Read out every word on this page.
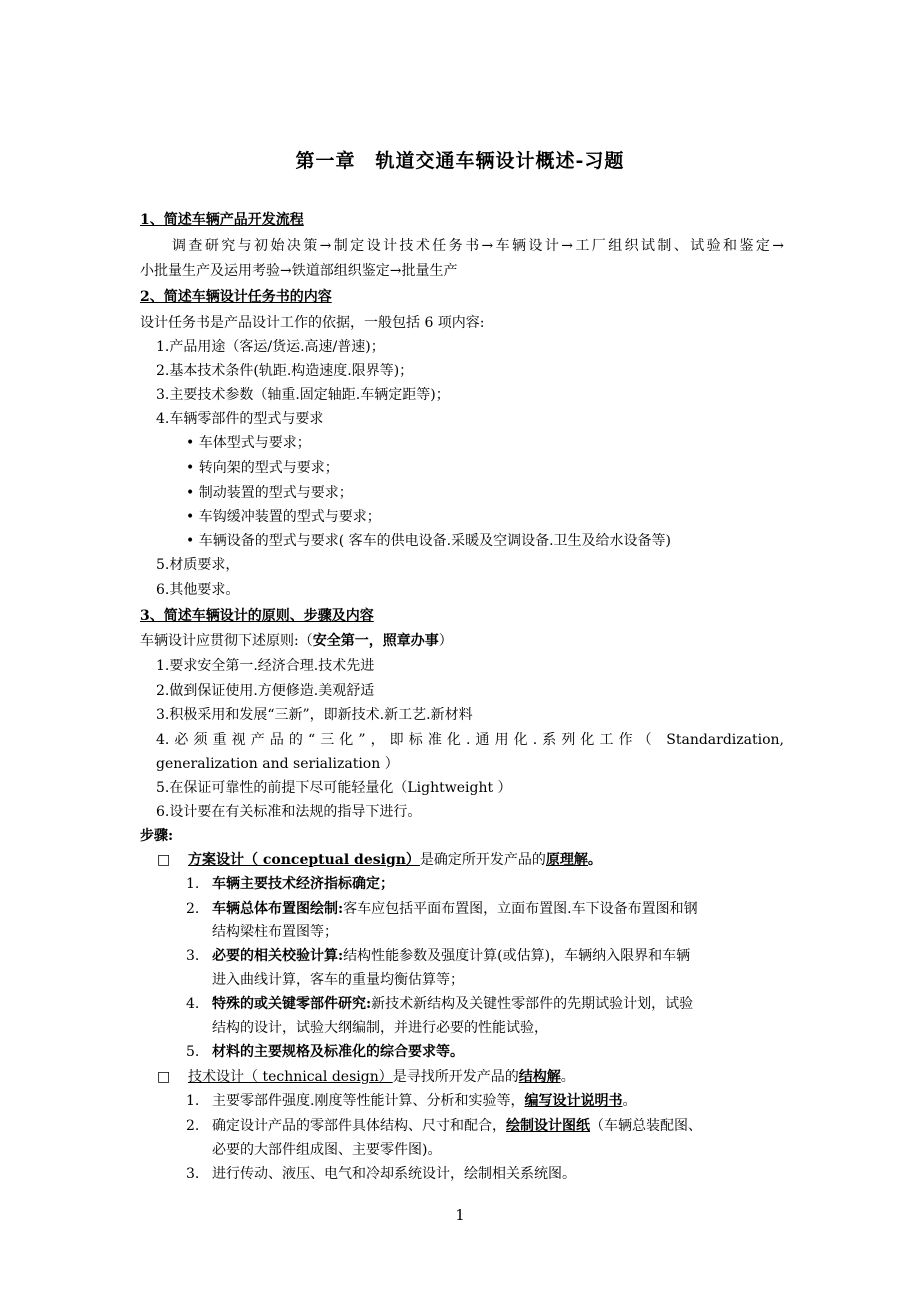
第一章　轨道交通车辆设计概述-习题
1、简述车辆产品开发流程
调查研究与初始决策→制定设计技术任务书→车辆设计→工厂组织试制、试验和鉴定→
小批量生产及运用考验→铁道部组织鉴定→批量生产
2、简述车辆设计任务书的内容
设计任务书是产品设计工作的依据，一般包括 6 项内容:
1.产品用途（客运/货运.高速/普速)；
2.基本技术条件(轨距.构造速度.限界等)；
3.主要技术参数（轴重.固定轴距.车辆定距等)；
4.车辆零部件的型式与要求
• 车体型式与要求；
• 转向架的型式与要求；
• 制动装置的型式与要求；
• 车钩缓冲装置的型式与要求；
• 车辆设备的型式与要求( 客车的供电设备.采暖及空调设备.卫生及给水设备等)
5.材质要求，
6.其他要求。
3、简述车辆设计的原则、步骤及内容
车辆设计应贯彻下述原则:（安全第一，照章办事）
1.要求安全第一.经济合理.技术先进
2.做到保证使用.方便修造.美观舒适
3.积极采用和发展“三新”，即新技术.新工艺.新材料
4.必须重视产品的“三化”，即标准化.通用化.系列化工作（ Standardization,
generalization and serialization ）
5.在保证可靠性的前提下尽可能轻量化（Lightweight ）
6.设计要在有关标准和法规的指导下进行。
步骤:
□	方案设计（ conceptual design）是确定所开发产品的原理解。
1. 车辆主要技术经济指标确定；
2. 车辆总体布置图绘制:客车应包括平面布置图，立面布置图.车下设备布置图和钢
结构梁柱布置图等；
3. 必要的相关校验计算:结构性能参数及强度计算(或估算)，车辆纳入限界和车辆
进入曲线计算，客车的重量均衡估算等；
4. 特殊的或关键零部件研究:新技术新结构及关键性零部件的先期试验计划，试验
结构的设计，试验大纲编制，并进行必要的性能试验，
5. 材料的主要规格及标准化的综合要求等。
□	技术设计（ technical design）是寻找所开发产品的结构解。
1. 主要零部件强度.刚度等性能计算、分析和实验等，编写设计说明书。
2. 确定设计产品的零部件具体结构、尺寸和配合，绘制设计图纸（车辆总装配图、
必要的大部件组成图、主要零件图)。
3. 进行传动、液压、电气和冷却系统设计，绘制相关系统图。
1
